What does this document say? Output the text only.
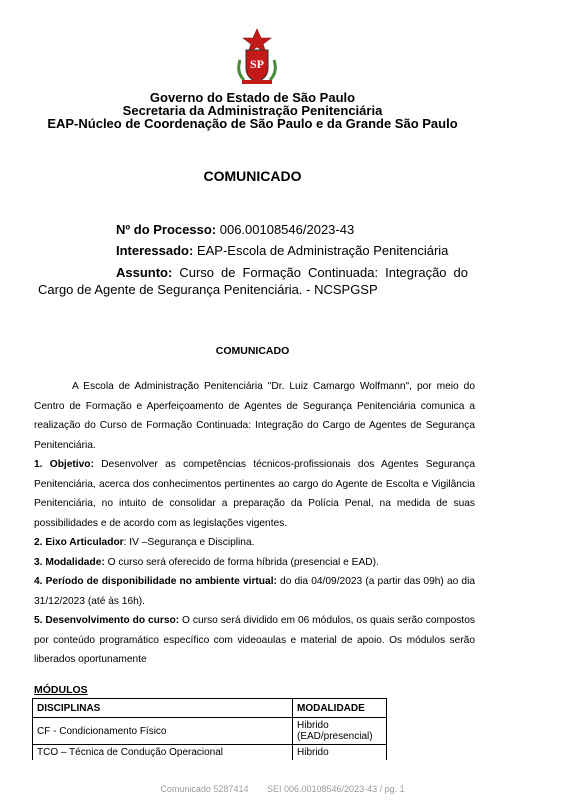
SP
Governo do Estado de São Paulo
Secretaria da Administração Penitenciária
EAP-Núcleo de Coordenação de São Paulo e da Grande São Paulo
COMUNICADO
Nº do Processo: 006.00108546/2023-43
Interessado: EAP-Escola de Administração Penitenciária
Assunto: Curso de Formação Continuada: Integração do
Cargo de Agente de Segurança Penitenciária. - NCSPGSP
COMUNICADO

A Escola de Administração Penitenciária "Dr. Luiz Camargo Wolfmann", por meio do Centro de Formação e Aperfeiçoamento de Agentes de Segurança Penitenciária comunica a realização do Curso de Formação Continuada: Integração do Cargo de Agentes de Segurança Penitenciária.

1. Objetivo: Desenvolver as competências técnicos-profissionais dos Agentes Segurança Penitenciária, acerca dos conhecimentos pertinentes ao cargo do Agente de Escolta e Vigilância Penitenciária, no intuito de consolidar a preparação da Polícia Penal, na medida de suas possibilidades e de acordo com as legislações vigentes.

2. Eixo Articulador: IV –Segurança e Disciplina.

3. Modalidade: O curso será oferecido de forma híbrida (presencial e EAD).

4. Período de disponibilidade no ambiente virtual: do dia 04/09/2023 (a partir das 09h) ao dia 31/12/2023 (até às 16h).

5. Desenvolvimento do curso: O curso será dividido em 06 módulos, os quais serão compostos por conteúdo programático específico com videoaulas e material de apoio. Os módulos serão liberados oportunamente

MÓDULOS
DISCIPLINAS	MODALIDADE
CF - Condicionamento Físico	Hibrido (EAD/presencial)
TCO – Técnica de Condução Operacional	Hibrido
Comunicado 5287414 SEI 006.00108546/2023-43 / pg. 1
